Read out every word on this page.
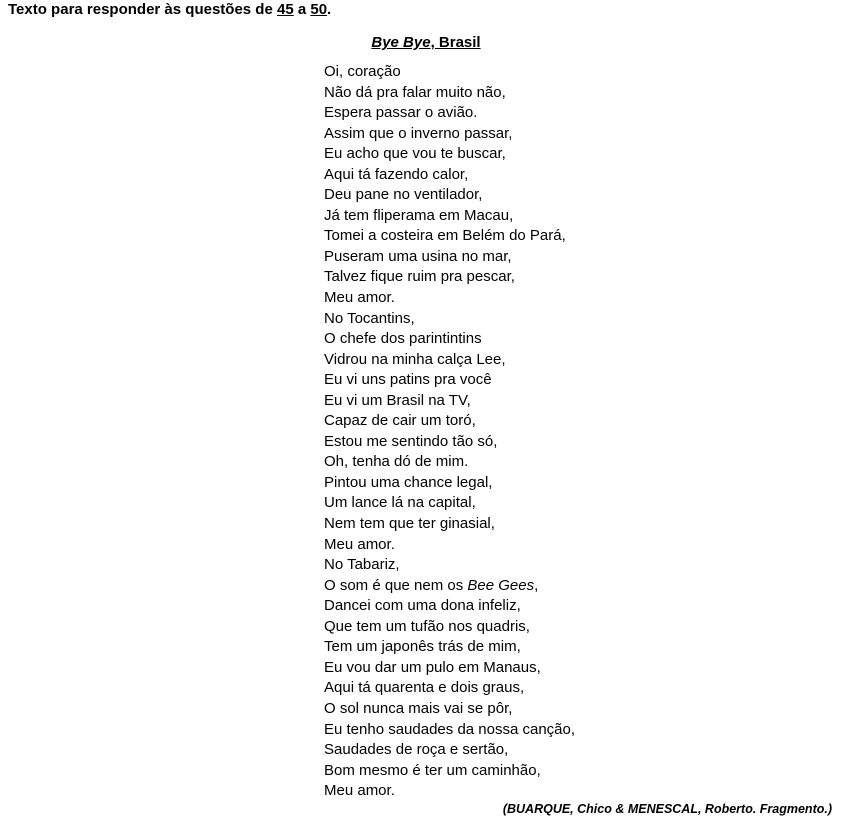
Texto para responder às questões de 45 a 50.
Bye Bye, Brasil
Oi, coração
Não dá pra falar muito não,
Espera passar o avião.
Assim que o inverno passar,
Eu acho que vou te buscar,
Aqui tá fazendo calor,
Deu pane no ventilador,
Já tem fliperama em Macau,
Tomei a costeira em Belém do Pará,
Puseram uma usina no mar,
Talvez fique ruim pra pescar,
Meu amor.
No Tocantins,
O chefe dos parintintins
Vidrou na minha calça Lee,
Eu vi uns patins pra você
Eu vi um Brasil na TV,
Capaz de cair um toró,
Estou me sentindo tão só,
Oh, tenha dó de mim.
Pintou uma chance legal,
Um lance lá na capital,
Nem tem que ter ginasial,
Meu amor.
No Tabariz,
O som é que nem os Bee Gees,
Dancei com uma dona infeliz,
Que tem um tufão nos quadris,
Tem um japonês trás de mim,
Eu vou dar um pulo em Manaus,
Aqui tá quarenta e dois graus,
O sol nunca mais vai se pôr,
Eu tenho saudades da nossa canção,
Saudades de roça e sertão,
Bom mesmo é ter um caminhão,
Meu amor.
(BUARQUE, Chico & MENESCAL, Roberto. Fragmento.)
